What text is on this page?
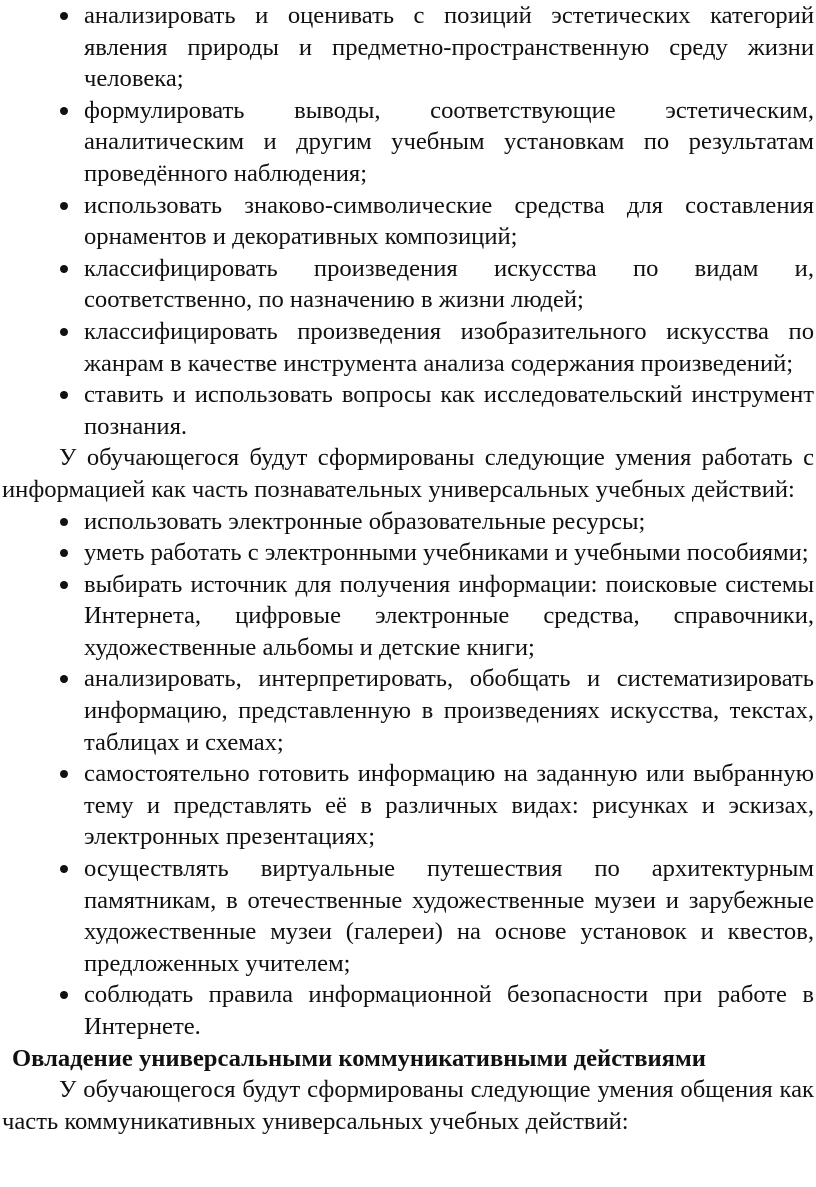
анализировать и оценивать с позиций эстетических категорий явления природы и предметно-пространственную среду жизни человека;
формулировать выводы, соответствующие эстетическим, аналитическим и другим учебным установкам по результатам проведённого наблюдения;
использовать знаково-символические средства для составления орнаментов и декоративных композиций;
классифицировать произведения искусства по видам и, соответственно, по назначению в жизни людей;
классифицировать произведения изобразительного искусства по жанрам в качестве инструмента анализа содержания произведений;
ставить и использовать вопросы как исследовательский инструмент познания.

У обучающегося будут сформированы следующие умения работать с информацией как часть познавательных универсальных учебных действий:

использовать электронные образовательные ресурсы;
уметь работать с электронными учебниками и учебными пособиями;
выбирать источник для получения информации: поисковые системы Интернета, цифровые электронные средства, справочники, художественные альбомы и детские книги;
анализировать, интерпретировать, обобщать и систематизировать информацию, представленную в произведениях искусства, текстах, таблицах и схемах;
самостоятельно готовить информацию на заданную или выбранную тему и представлять её в различных видах: рисунках и эскизах, электронных презентациях;
осуществлять виртуальные путешествия по архитектурным памятникам, в отечественные художественные музеи и зарубежные художественные музеи (галереи) на основе установок и квестов, предложенных учителем;
соблюдать правила информационной безопасности при работе в Интернете.

Овладение универсальными коммуникативными действиями

У обучающегося будут сформированы следующие умения общения как часть коммуникативных универсальных учебных действий:
